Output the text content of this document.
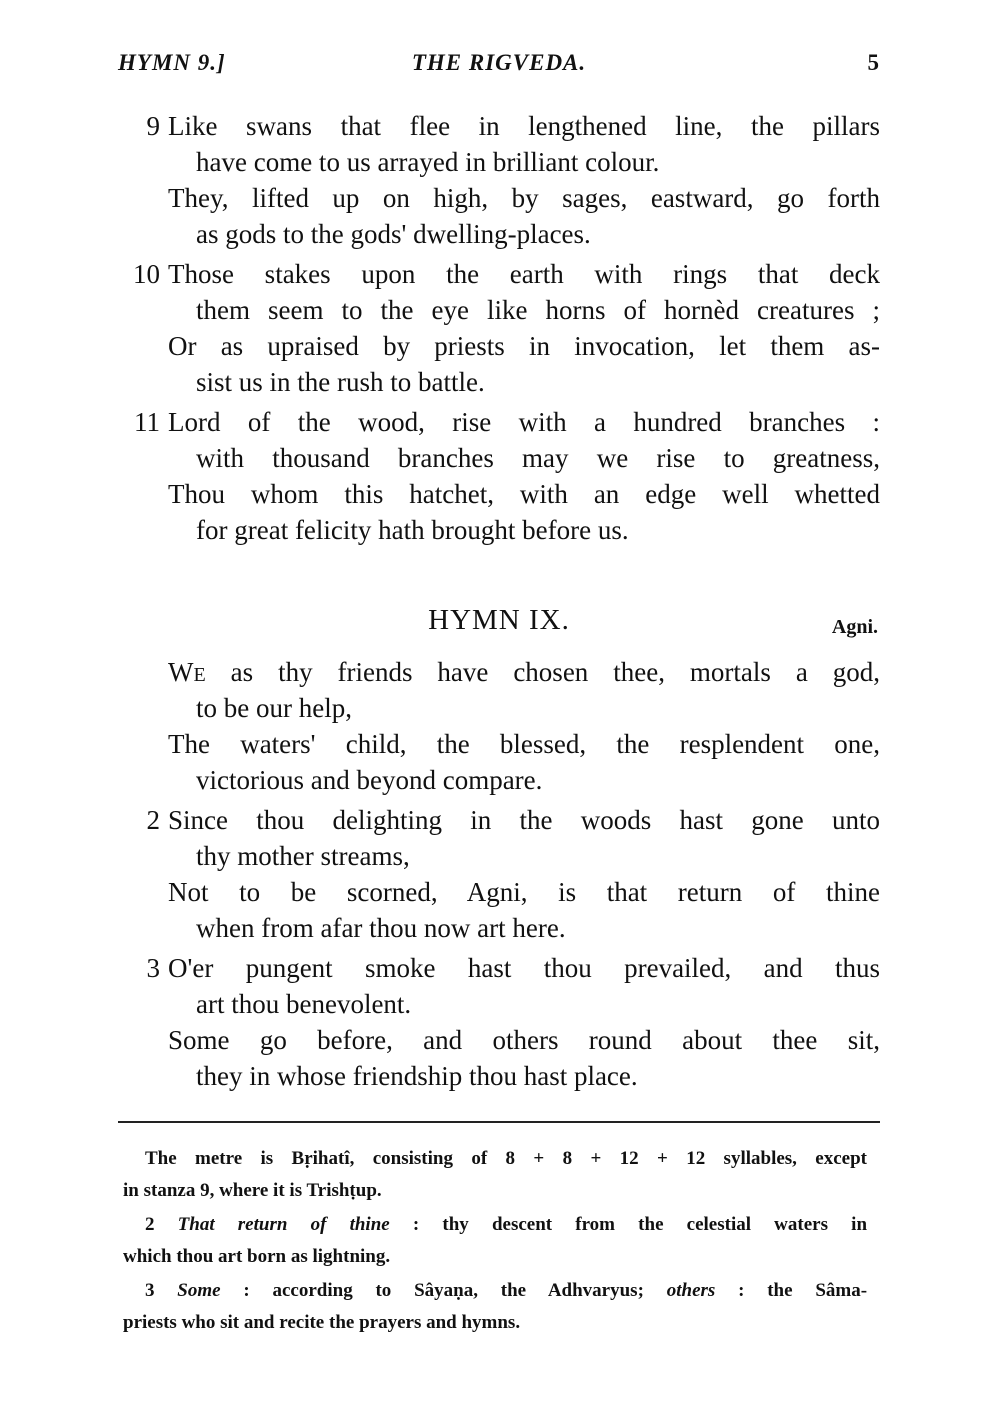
HYMN 9.]	THE RIGVEDA.	5
9 Like swans that flee in lengthened line, the pillars
have come to us arrayed in brilliant colour.
They, lifted up on high, by sages, eastward, go forth
as gods to the gods' dwelling-places.
10 Those stakes upon the earth with rings that deck
them seem to the eye like horns of hornèd creatures ;
Or as upraised by priests in invocation, let them as-
sist us in the rush to battle.
11 Lord of the wood, rise with a hundred branches :
with thousand branches may we rise to greatness,
Thou whom this hatchet, with an edge well whetted
for great felicity hath brought before us.
HYMN IX.	Agni.
WE as thy friends have chosen thee, mortals a god,
to be our help,
The waters' child, the blessed, the resplendent one,
victorious and beyond compare.
2 Since thou delighting in the woods hast gone unto
thy mother streams,
Not to be scorned, Agni, is that return of thine
when from afar thou now art here.
3 O'er pungent smoke hast thou prevailed, and thus
art thou benevolent.
Some go before, and others round about thee sit,
they in whose friendship thou hast place.
The metre is Bṛihatî, consisting of 8 + 8 + 12 + 12 syllables, except
in stanza 9, where it is Trishṭup.
2 That return of thine : thy descent from the celestial waters in
which thou art born as lightning.
3 Some : according to Sâyaṇa, the Adhvaryus; others : the Sâma-
priests who sit and recite the prayers and hymns.
